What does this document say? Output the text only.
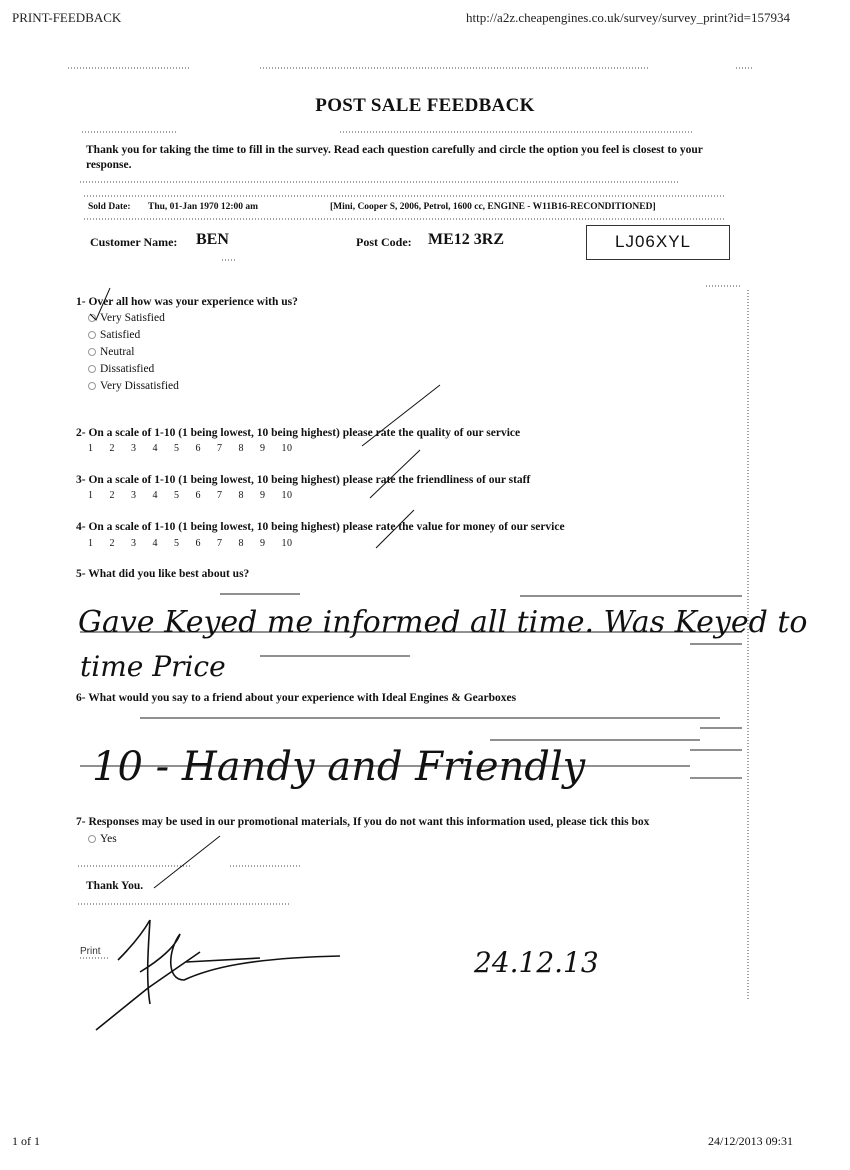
PRINT-FEEDBACK	http://a2z.cheapengines.co.uk/survey/survey_print?id=157934
POST SALE FEEDBACK
Thank you for taking the time to fill in the survey. Read each question carefully and circle the option you feel is closest to your response.
Sold Date: Thu, 01-Jan 1970 12:00 am	[Mini, Cooper S, 2006, Petrol, 1600 cc, ENGINE - W11B16-RECONDITIONED]
Customer Name: BEN	Post Code: ME12 3RZ	LJ06XYL
1- Over all how was your experience with us?
Very Satisfied
Satisfied
Neutral
Dissatisfied
Very Dissatisfied
2- On a scale of 1-10 (1 being lowest, 10 being highest) please rate the quality of our service
1 2 3 4 5 6 7 8 9 10
3- On a scale of 1-10 (1 being lowest, 10 being highest) please rate the friendliness of our staff
1 2 3 4 5 6 7 8 9 10
4- On a scale of 1-10 (1 being lowest, 10 being highest) please rate the value for money of our service
1 2 3 4 5 6 7 8 9 10
5- What did you like best about us?
6- What would you say to a friend about your experience with Ideal Engines & Gearboxes
7- Responses may be used in our promotional materials, If you do not want this information used, please tick this box
Yes
Thank You.
Print
1 of 1	24/12/2013 09:31
Gave Keyed me informed all time. Was Keyed to
time Price
10 - Handy and Friendly
24.12.13
